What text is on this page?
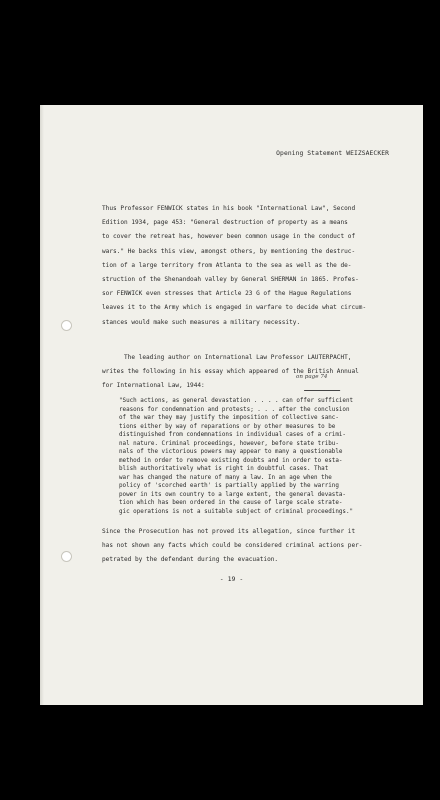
Opening Statement WEIZSAECKER

Thus Professor FENWICK states in his book "International Law", Second
Edition 1934, page 453: "General destruction of property as a means
to cover the retreat has, however been common usage in the conduct of
wars." He backs this view, amongst others, by mentioning the destruc-
tion of a large territory from Atlanta to the sea as well as the de-
struction of the Shenandoah valley by General SHERMAN in 1865. Profes-
sor FENWICK even stresses that Article 23 G of the Hague Regulations
leaves it to the Army which is engaged in warfare to decide what circum-
stances would make such measures a military necessity.

on page 74

The leading author on International Law Professor LAUTERPACHT,
writes the following in his essay which appeared of the British Annual
for International Law, 1944:

"Such actions, as general devastation . . . . can offer sufficient
reasons for condemnation and protests; . . . after the conclusion
of the war they may justify the imposition of collective sanc-
tions either by way of reparations or by other measures to be
distinguished from condemnations in individual cases of a crimi-
nal nature. Criminal proceedings, however, before state tribu-
nals of the victorious powers may appear to many a questionable
method in order to remove existing doubts and in order to esta-
blish authoritatively what is right in doubtful cases. That
war has changed the nature of many a law. In an age when the
policy of 'scorched earth' is partially applied by the warring
power in its own country to a large extent, the general devasta-
tion which has been ordered in the cause of large scale strate-
gic operations is not a suitable subject of criminal proceedings."

Since the Prosecution has not proved its allegation, since further it
has not shown any facts which could be considered criminal actions per-
petrated by the defendant during the evacuation.

- 19 -
